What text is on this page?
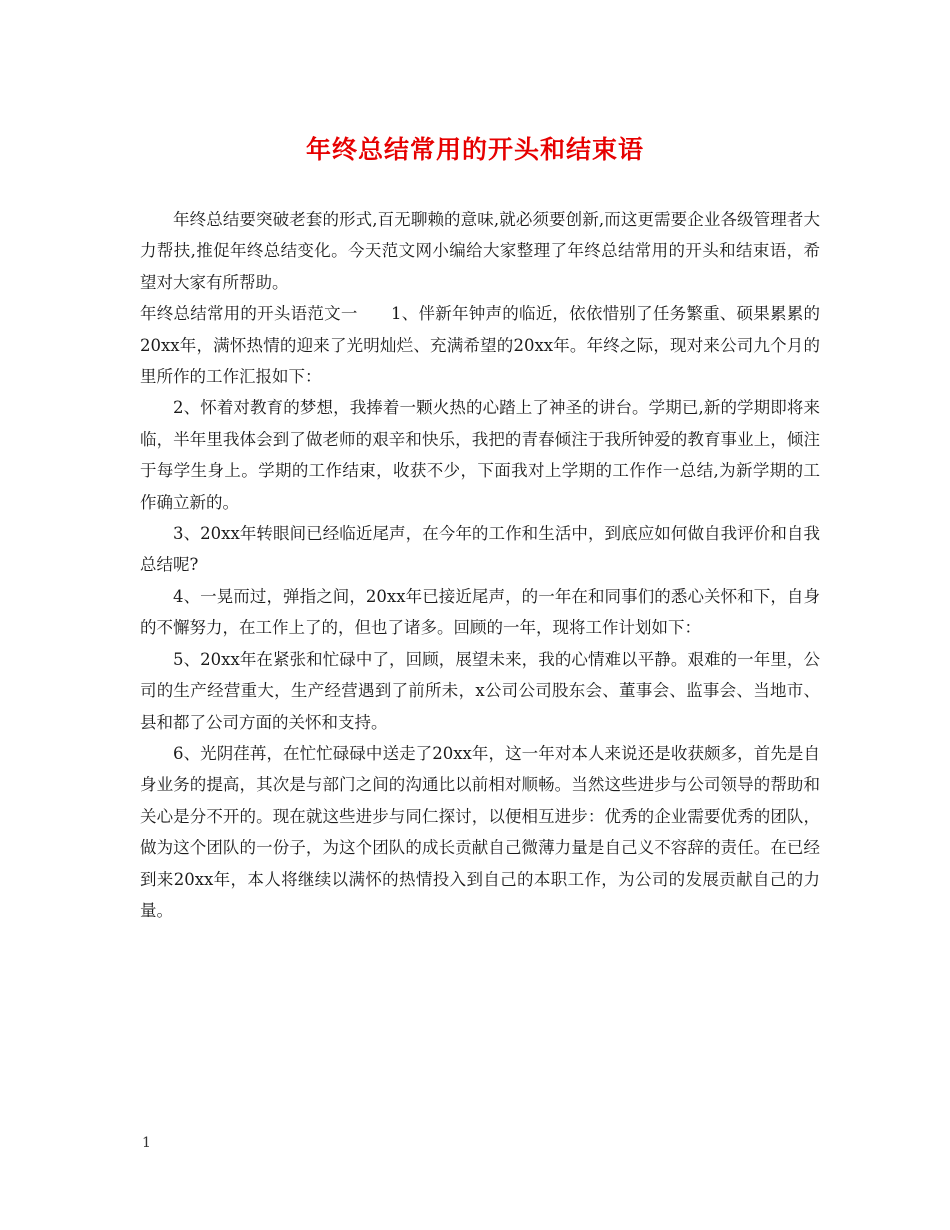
年终总结常用的开头和结束语

年终总结要突破老套的形式,百无聊赖的意味,就必须要创新,而这更需要企业各级管理者大力帮扶,推促年终总结变化。今天范文网小编给大家整理了年终总结常用的开头和结束语，希望对大家有所帮助。

年终总结常用的开头语范文一　　1、伴新年钟声的临近，依依惜别了任务繁重、硕果累累的20xx年，满怀热情的迎来了光明灿烂、充满希望的20xx年。年终之际，现对来公司九个月的里所作的工作汇报如下：

2、怀着对教育的梦想，我捧着一颗火热的心踏上了神圣的讲台。学期已,新的学期即将来临，半年里我体会到了做老师的艰辛和快乐，我把的青春倾注于我所钟爱的教育事业上，倾注于每学生身上。学期的工作结束，收获不少，下面我对上学期的工作作一总结,为新学期的工作确立新的。

3、20xx年转眼间已经临近尾声，在今年的工作和生活中，到底应如何做自我评价和自我总结呢?

4、一晃而过，弹指之间，20xx年已接近尾声，的一年在和同事们的悉心关怀和下，自身的不懈努力，在工作上了的，但也了诸多。回顾的一年，现将工作计划如下：

5、20xx年在紧张和忙碌中了，回顾，展望未来，我的心情难以平静。艰难的一年里，公司的生产经营重大，生产经营遇到了前所未，x公司公司股东会、董事会、监事会、当地市、县和都了公司方面的关怀和支持。

6、光阴荏苒，在忙忙碌碌中送走了20xx年，这一年对本人来说还是收获颇多，首先是自身业务的提高，其次是与部门之间的沟通比以前相对顺畅。当然这些进步与公司领导的帮助和关心是分不开的。现在就这些进步与同仁探讨，以便相互进步：优秀的企业需要优秀的团队，做为这个团队的一份子，为这个团队的成长贡献自己微薄力量是自己义不容辞的责任。在已经到来20xx年，本人将继续以满怀的热情投入到自己的本职工作，为公司的发展贡献自己的力量。

1
